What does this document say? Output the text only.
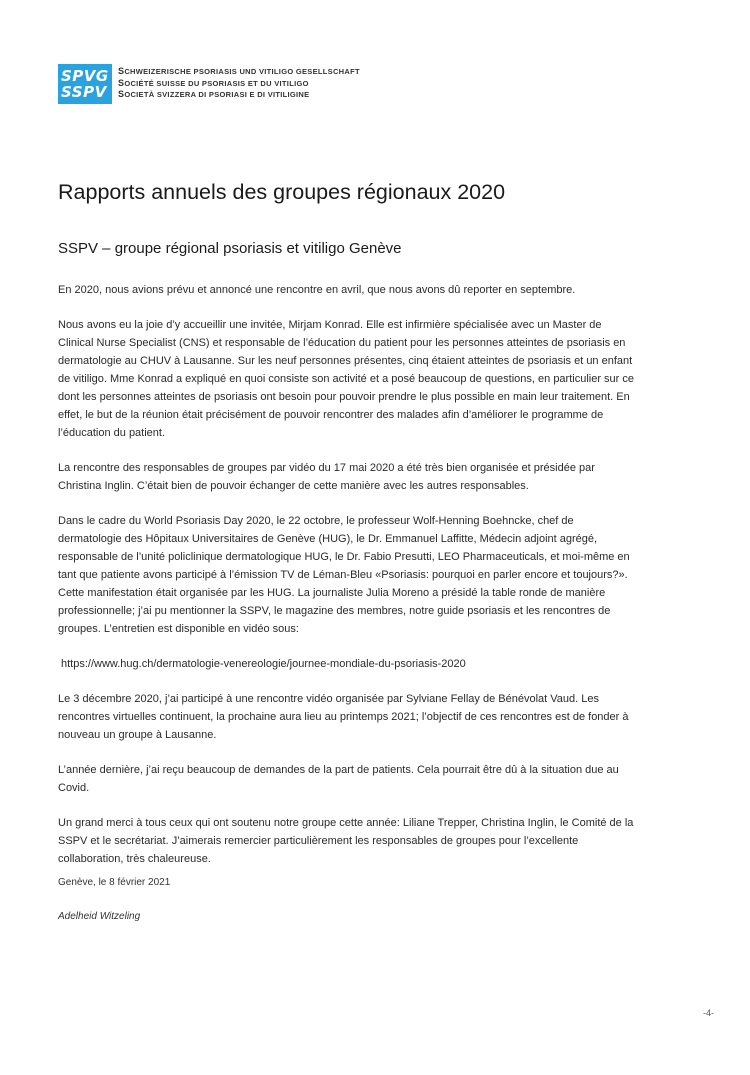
SPVG
SSPV
SCHWEIZERISCHE PSORIASIS UND VITILIGO GESELLSCHAFT
SOCIÉTÉ SUISSE DU PSORIASIS ET DU VITILIGO
SOCIETÀ SVIZZERA DI PSORIASI E DI VITILIGINE
Rapports annuels des groupes régionaux 2020
SSPV – groupe régional psoriasis et vitiligo Genève

En 2020, nous avions prévu et annoncé une rencontre en avril, que nous avons dû reporter en septembre.

Nous avons eu la joie d’y accueillir une invitée, Mirjam Konrad. Elle est infirmière spécialisée avec un Master de Clinical Nurse Specialist (CNS) et responsable de l’éducation du patient pour les personnes atteintes de psoriasis en dermatologie au CHUV à Lausanne. Sur les neuf personnes présentes, cinq étaient atteintes de psoriasis et un enfant de vitiligo. Mme Konrad a expliqué en quoi consiste son activité et a posé beaucoup de questions, en particulier sur ce dont les personnes atteintes de psoriasis ont besoin pour pouvoir prendre le plus possible en main leur traitement. En effet, le but de la réunion était précisément de pouvoir rencontrer des malades afin d’améliorer le programme de l’éducation du patient.

La rencontre des responsables de groupes par vidéo du 17 mai 2020 a été très bien organisée et présidée par Christina Inglin. C’était bien de pouvoir échanger de cette manière avec les autres responsables.

Dans le cadre du World Psoriasis Day 2020, le 22 octobre, le professeur Wolf-Henning Boehncke, chef de dermatologie des Hôpitaux Universitaires de Genève (HUG), le Dr. Emmanuel Laffitte, Médecin adjoint agrégé, responsable de l’unité policlinique dermatologique HUG, le Dr. Fabio Presutti, LEO Pharmaceuticals, et moi-même en tant que patiente avons participé à l’émission TV de Léman-Bleu «Psoriasis: pourquoi en parler encore et toujours?». Cette manifestation était organisée par les HUG. La journaliste Julia Moreno a présidé la table ronde de manière professionnelle; j’ai pu mentionner la SSPV, le magazine des membres, notre guide psoriasis et les rencontres de groupes. L’entretien est disponible en vidéo sous:

https://www.hug.ch/dermatologie-venereologie/journee-mondiale-du-psoriasis-2020

Le 3 décembre 2020, j’ai participé à une rencontre vidéo organisée par Sylviane Fellay de Bénévolat Vaud. Les rencontres virtuelles continuent, la prochaine aura lieu au printemps 2021; l’objectif de ces rencontres est de fonder à nouveau un groupe à Lausanne.

L’année dernière, j’ai reçu beaucoup de demandes de la part de patients. Cela pourrait être dû à la situation due au Covid.

Un grand merci à tous ceux qui ont soutenu notre groupe cette année: Liliane Trepper, Christina Inglin, le Comité de la SSPV et le secrétariat. J’aimerais remercier particulièrement les responsables de groupes pour l’excellente collaboration, très chaleureuse.

Genève, le 8 février 2021
Adelheid Witzeling
-4-
